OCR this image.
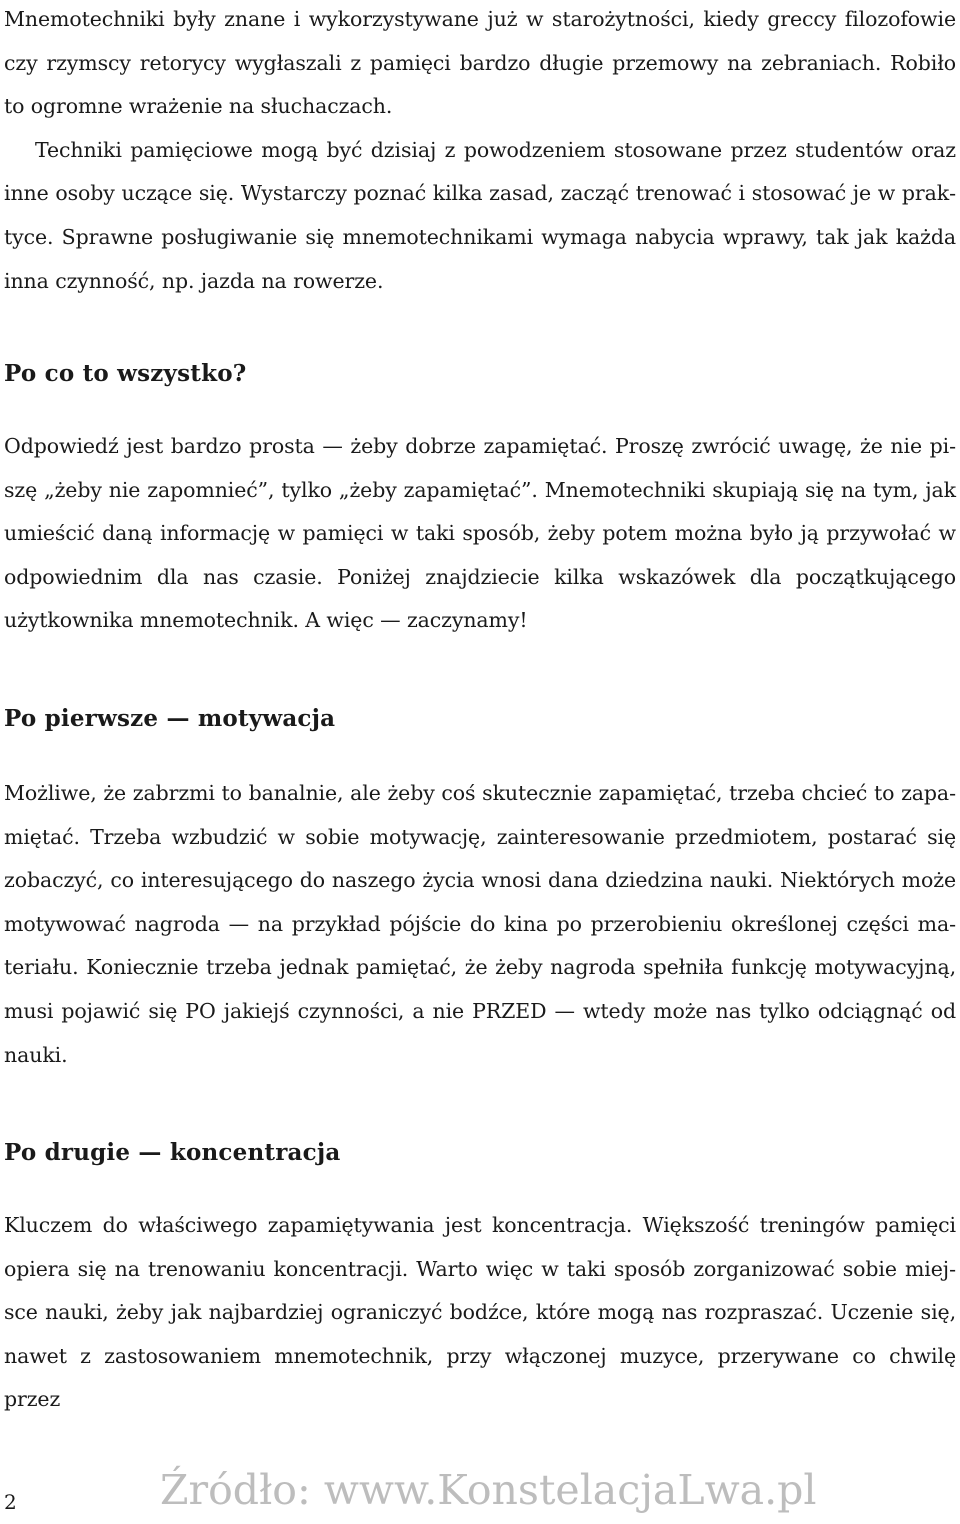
Mnemotechniki były znane i wykorzystywane już w starożytności, kiedy greccy filozofowie czy rzymscy retorycy wygłaszali z pamięci bardzo długie przemowy na zebraniach. Robiło to ogromne wrażenie na słuchaczach.

Techniki pamięciowe mogą być dzisiaj z powodzeniem stosowane przez studentów oraz inne osoby uczące się. Wystarczy poznać kilka zasad, zacząć trenować i stosować je w praktyce. Sprawne posługiwanie się mnemotechnikami wymaga nabycia wprawy, tak jak każda inna czynność, np. jazda na rowerze.

Po co to wszystko?

Odpowiedź jest bardzo prosta — żeby dobrze zapamiętać. Proszę zwrócić uwagę, że nie piszę „żeby nie zapomnieć”, tylko „żeby zapamiętać”. Mnemotechniki skupiają się na tym, jak umieścić daną informację w pamięci w taki sposób, żeby potem można było ją przywołać w odpowiednim dla nas czasie. Poniżej znajdziecie kilka wskazówek dla początkującego użytkownika mnemotechnik. A więc — zaczynamy!

Po pierwsze — motywacja

Możliwe, że zabrzmi to banalnie, ale żeby coś skutecznie zapamiętać, trzeba chcieć to zapamiętać. Trzeba wzbudzić w sobie motywację, zainteresowanie przedmiotem, postarać się zobaczyć, co interesującego do naszego życia wnosi dana dziedzina nauki. Niektórych może motywować nagroda — na przykład pójście do kina po przerobieniu określonej części materiału. Koniecznie trzeba jednak pamiętać, że żeby nagroda spełniła funkcję motywacyjną, musi pojawić się PO jakiejś czynności, a nie PRZED — wtedy może nas tylko odciągnąć od nauki.

Po drugie — koncentracja

Kluczem do właściwego zapamiętywania jest koncentracja. Większość treningów pamięci opiera się na trenowaniu koncentracji. Warto więc w taki sposób zorganizować sobie miejsce nauki, żeby jak najbardziej ograniczyć bodźce, które mogą nas rozpraszać. Uczenie się, nawet z zastosowaniem mnemotechnik, przy włączonej muzyce, przerywane co chwilę przez

2	Źródło: www.KonstelacjaLwa.pl
